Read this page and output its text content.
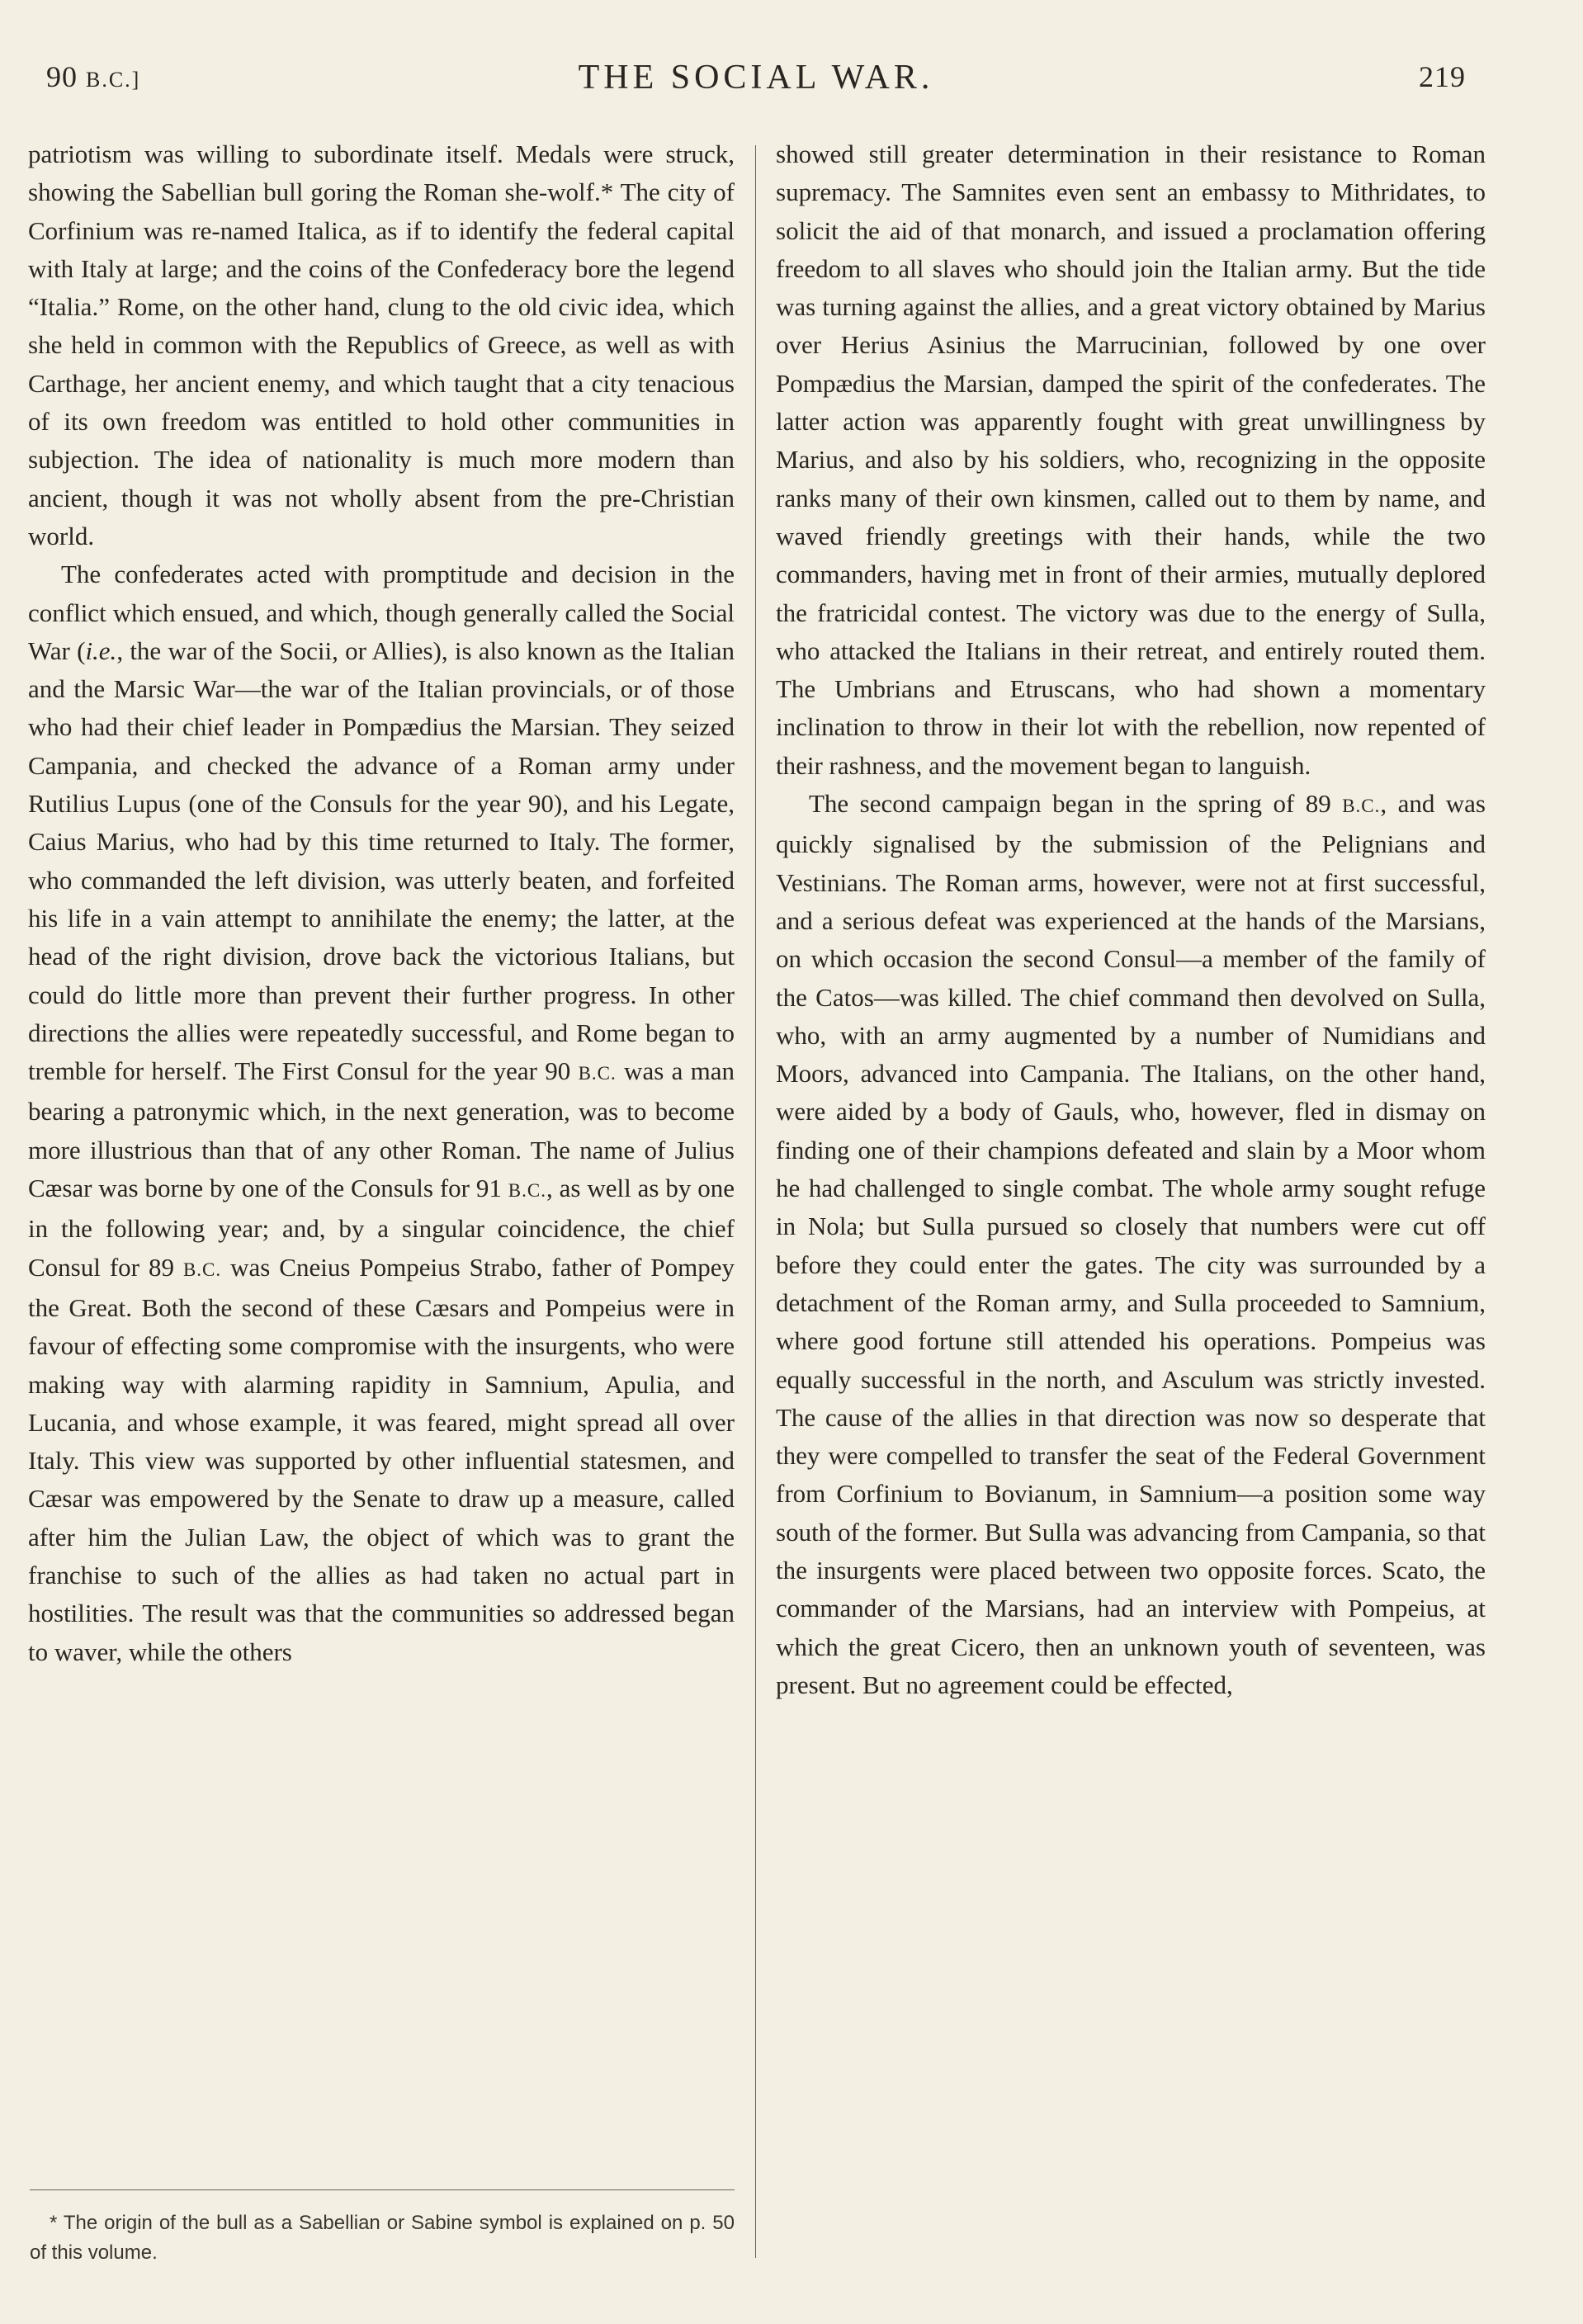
90 B.C.]	THE SOCIAL WAR.	219

patriotism was willing to subordinate itself. Medals were struck, showing the Sabellian bull goring the Roman she-wolf.* The city of Corfinium was re-named Italica, as if to identify the federal capital with Italy at large; and the coins of the Confederacy bore the legend “Italia.” Rome, on the other hand, clung to the old civic idea, which she held in common with the Republics of Greece, as well as with Carthage, her ancient enemy, and which taught that a city tenacious of its own freedom was entitled to hold other communities in subjection. The idea of nationality is much more modern than ancient, though it was not wholly absent from the pre-Christian world.

The confederates acted with promptitude and decision in the conflict which ensued, and which, though generally called the Social War (i.e., the war of the Socii, or Allies), is also known as the Italian and the Marsic War—the war of the Italian provincials, or of those who had their chief leader in Pompædius the Marsian. They seized Campania, and checked the advance of a Roman army under Rutilius Lupus (one of the Consuls for the year 90), and his Legate, Caius Marius, who had by this time returned to Italy. The former, who commanded the left division, was utterly beaten, and forfeited his life in a vain attempt to annihilate the enemy; the latter, at the head of the right division, drove back the victorious Italians, but could do little more than prevent their further progress. In other directions the allies were repeatedly successful, and Rome began to tremble for herself. The First Consul for the year 90 B.C. was a man bearing a patronymic which, in the next generation, was to become more illustrious than that of any other Roman. The name of Julius Cæsar was borne by one of the Consuls for 91 B.C., as well as by one in the following year; and, by a singular coincidence, the chief Consul for 89 B.C. was Cneius Pompeius Strabo, father of Pompey the Great. Both the second of these Cæsars and Pompeius were in favour of effecting some compromise with the insurgents, who were making way with alarming rapidity in Samnium, Apulia, and Lucania, and whose example, it was feared, might spread all over Italy. This view was supported by other influential statesmen, and Cæsar was empowered by the Senate to draw up a measure, called after him the Julian Law, the object of which was to grant the franchise to such of the allies as had taken no actual part in hostilities. The result was that the communities so addressed began to waver, while the others

showed still greater determination in their resistance to Roman supremacy. The Samnites even sent an embassy to Mithridates, to solicit the aid of that monarch, and issued a proclamation offering freedom to all slaves who should join the Italian army. But the tide was turning against the allies, and a great victory obtained by Marius over Herius Asinius the Marrucinian, followed by one over Pompædius the Marsian, damped the spirit of the confederates. The latter action was apparently fought with great unwillingness by Marius, and also by his soldiers, who, recognizing in the opposite ranks many of their own kinsmen, called out to them by name, and waved friendly greetings with their hands, while the two commanders, having met in front of their armies, mutually deplored the fratricidal contest. The victory was due to the energy of Sulla, who attacked the Italians in their retreat, and entirely routed them. The Umbrians and Etruscans, who had shown a momentary inclination to throw in their lot with the rebellion, now repented of their rashness, and the movement began to languish.

The second campaign began in the spring of 89 B.C., and was quickly signalised by the submission of the Pelignians and Vestinians. The Roman arms, however, were not at first successful, and a serious defeat was experienced at the hands of the Marsians, on which occasion the second Consul—a member of the family of the Catos—was killed. The chief command then devolved on Sulla, who, with an army augmented by a number of Numidians and Moors, advanced into Campania. The Italians, on the other hand, were aided by a body of Gauls, who, however, fled in dismay on finding one of their champions defeated and slain by a Moor whom he had challenged to single combat. The whole army sought refuge in Nola; but Sulla pursued so closely that numbers were cut off before they could enter the gates. The city was surrounded by a detachment of the Roman army, and Sulla proceeded to Samnium, where good fortune still attended his operations. Pompeius was equally successful in the north, and Asculum was strictly invested. The cause of the allies in that direction was now so desperate that they were compelled to transfer the seat of the Federal Government from Corfinium to Bovianum, in Samnium—a position some way south of the former. But Sulla was advancing from Campania, so that the insurgents were placed between two opposite forces. Scato, the commander of the Marsians, had an interview with Pompeius, at which the great Cicero, then an unknown youth of seventeen, was present. But no agreement could be effected,

* The origin of the bull as a Sabellian or Sabine symbol is explained on p. 50 of this volume.
